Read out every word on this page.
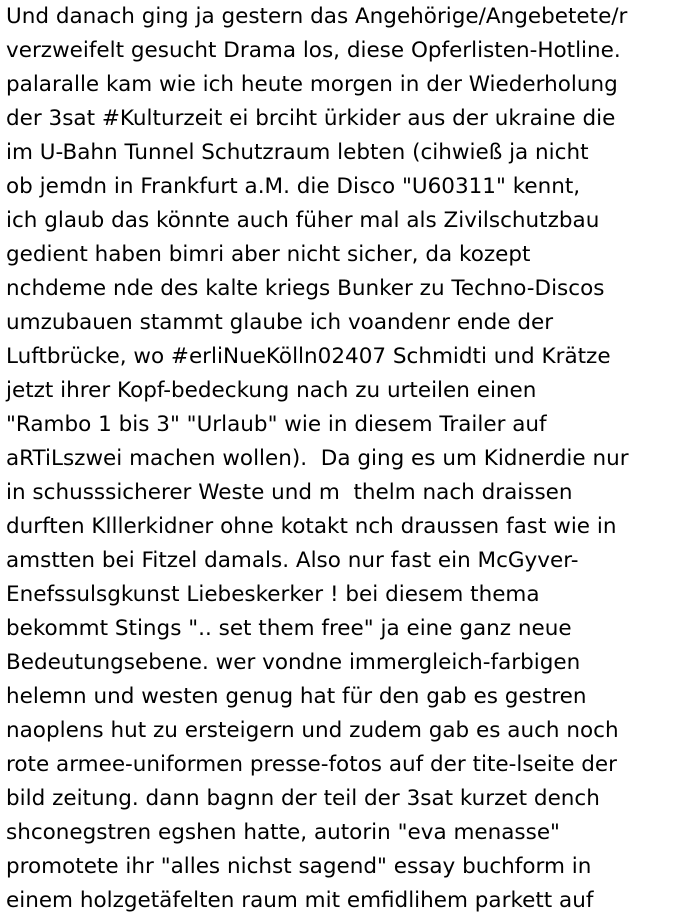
Und danach ging ja gestern das Angehörige/Angebetete/r
verzweifelt gesucht Drama los, diese Opferlisten-Hotline.
palaralle kam wie ich heute morgen in der Wiederholung
der 3sat #Kulturzeit ei brciht ürkider aus der ukraine die
im U-Bahn Tunnel Schutzraum lebten (cihwieß ja nicht
ob jemdn in Frankfurt a.M. die Disco "U60311" kennt,
ich glaub das könnte auch füher mal als Zivilschutzbau
gedient haben bimri aber nicht sicher, da kozept
nchdeme nde des kalte kriegs Bunker zu Techno-Discos
umzubauen stammt glaube ich voandenr ende der
Luftbrücke, wo #erliNueKölln02407 Schmidti und Krätze
jetzt ihrer Kopf-bedeckung nach zu urteilen einen
"Rambo 1 bis 3" "Urlaub" wie in diesem Trailer auf
aRTiLszwei machen wollen).  Da ging es um Kidnerdie nur
in schusssicherer Weste und m  thelm nach draissen
durften Klllerkidner ohne kotakt nch draussen fast wie in
amstten bei Fitzel damals. Also nur fast ein McGyver-
Enefssulsgkunst Liebeskerker ! bei diesem thema
bekommt Stings ".. set them free" ja eine ganz neue
Bedeutungsebene. wer vondne immergleich-farbigen
helemn und westen genug hat für den gab es gestren
naoplens hut zu ersteigern und zudem gab es auch noch
rote armee-uniformen presse-fotos auf der tite-lseite der
bild zeitung. dann bagnn der teil der 3sat kurzet dench
shconegstren egshen hatte, autorin "eva menasse"
promotete ihr "alles nichst sagend" essay buchform in
einem holzgetäfelten raum mit emfidlihem parkett auf
